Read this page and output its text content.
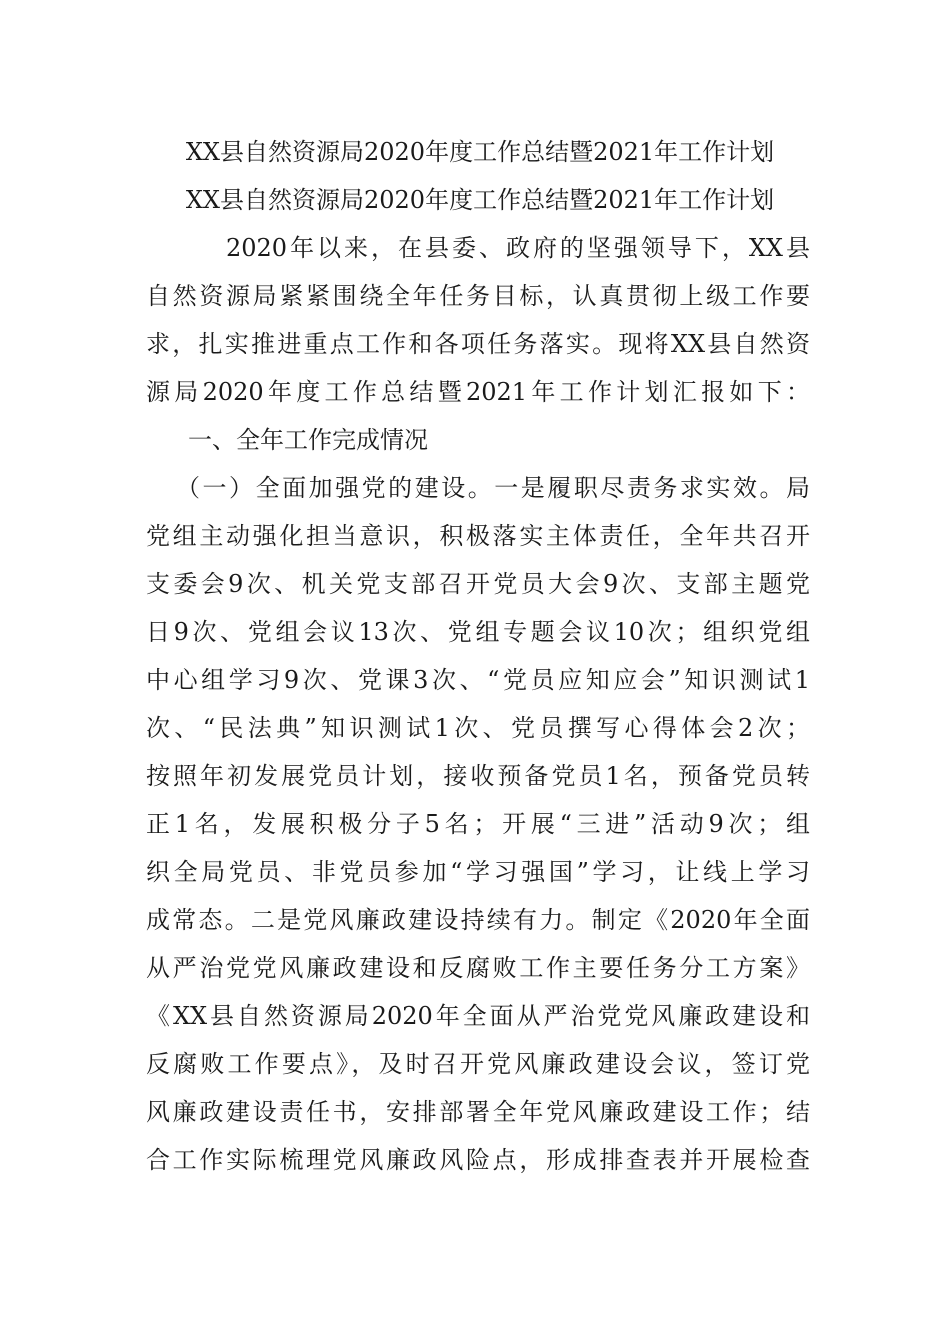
XX县自然资源局2020年度工作总结暨2021年工作计划
XX县自然资源局2020年度工作总结暨2021年工作计划
2020年以来，在县委、政府的坚强领导下，XX县
自然资源局紧紧围绕全年任务目标，认真贯彻上级工作要
求，扎实推进重点工作和各项任务落实。现将XX县自然资
源局2020年度工作总结暨2021年工作计划汇报如下：
一、全年工作完成情况
（一）全面加强党的建设。一是履职尽责务求实效。局
党组主动强化担当意识，积极落实主体责任，全年共召开
支委会9次、机关党支部召开党员大会9次、支部主题党
日9次、党组会议13次、党组专题会议10次；组织党组
中心组学习9次、党课3次、“党员应知应会”知识测试1
次、“民法典”知识测试1次、党员撰写心得体会2次；
按照年初发展党员计划，接收预备党员1名，预备党员转
正1名，发展积极分子5名；开展“三进”活动9次；组
织全局党员、非党员参加“学习强国”学习，让线上学习
成常态。二是党风廉政建设持续有力。制定《2020年全面
从严治党党风廉政建设和反腐败工作主要任务分工方案》
《XX县自然资源局2020年全面从严治党党风廉政建设和
反腐败工作要点》，及时召开党风廉政建设会议，签订党
风廉政建设责任书，安排部署全年党风廉政建设工作；结
合工作实际梳理党风廉政风险点，形成排查表并开展检查
